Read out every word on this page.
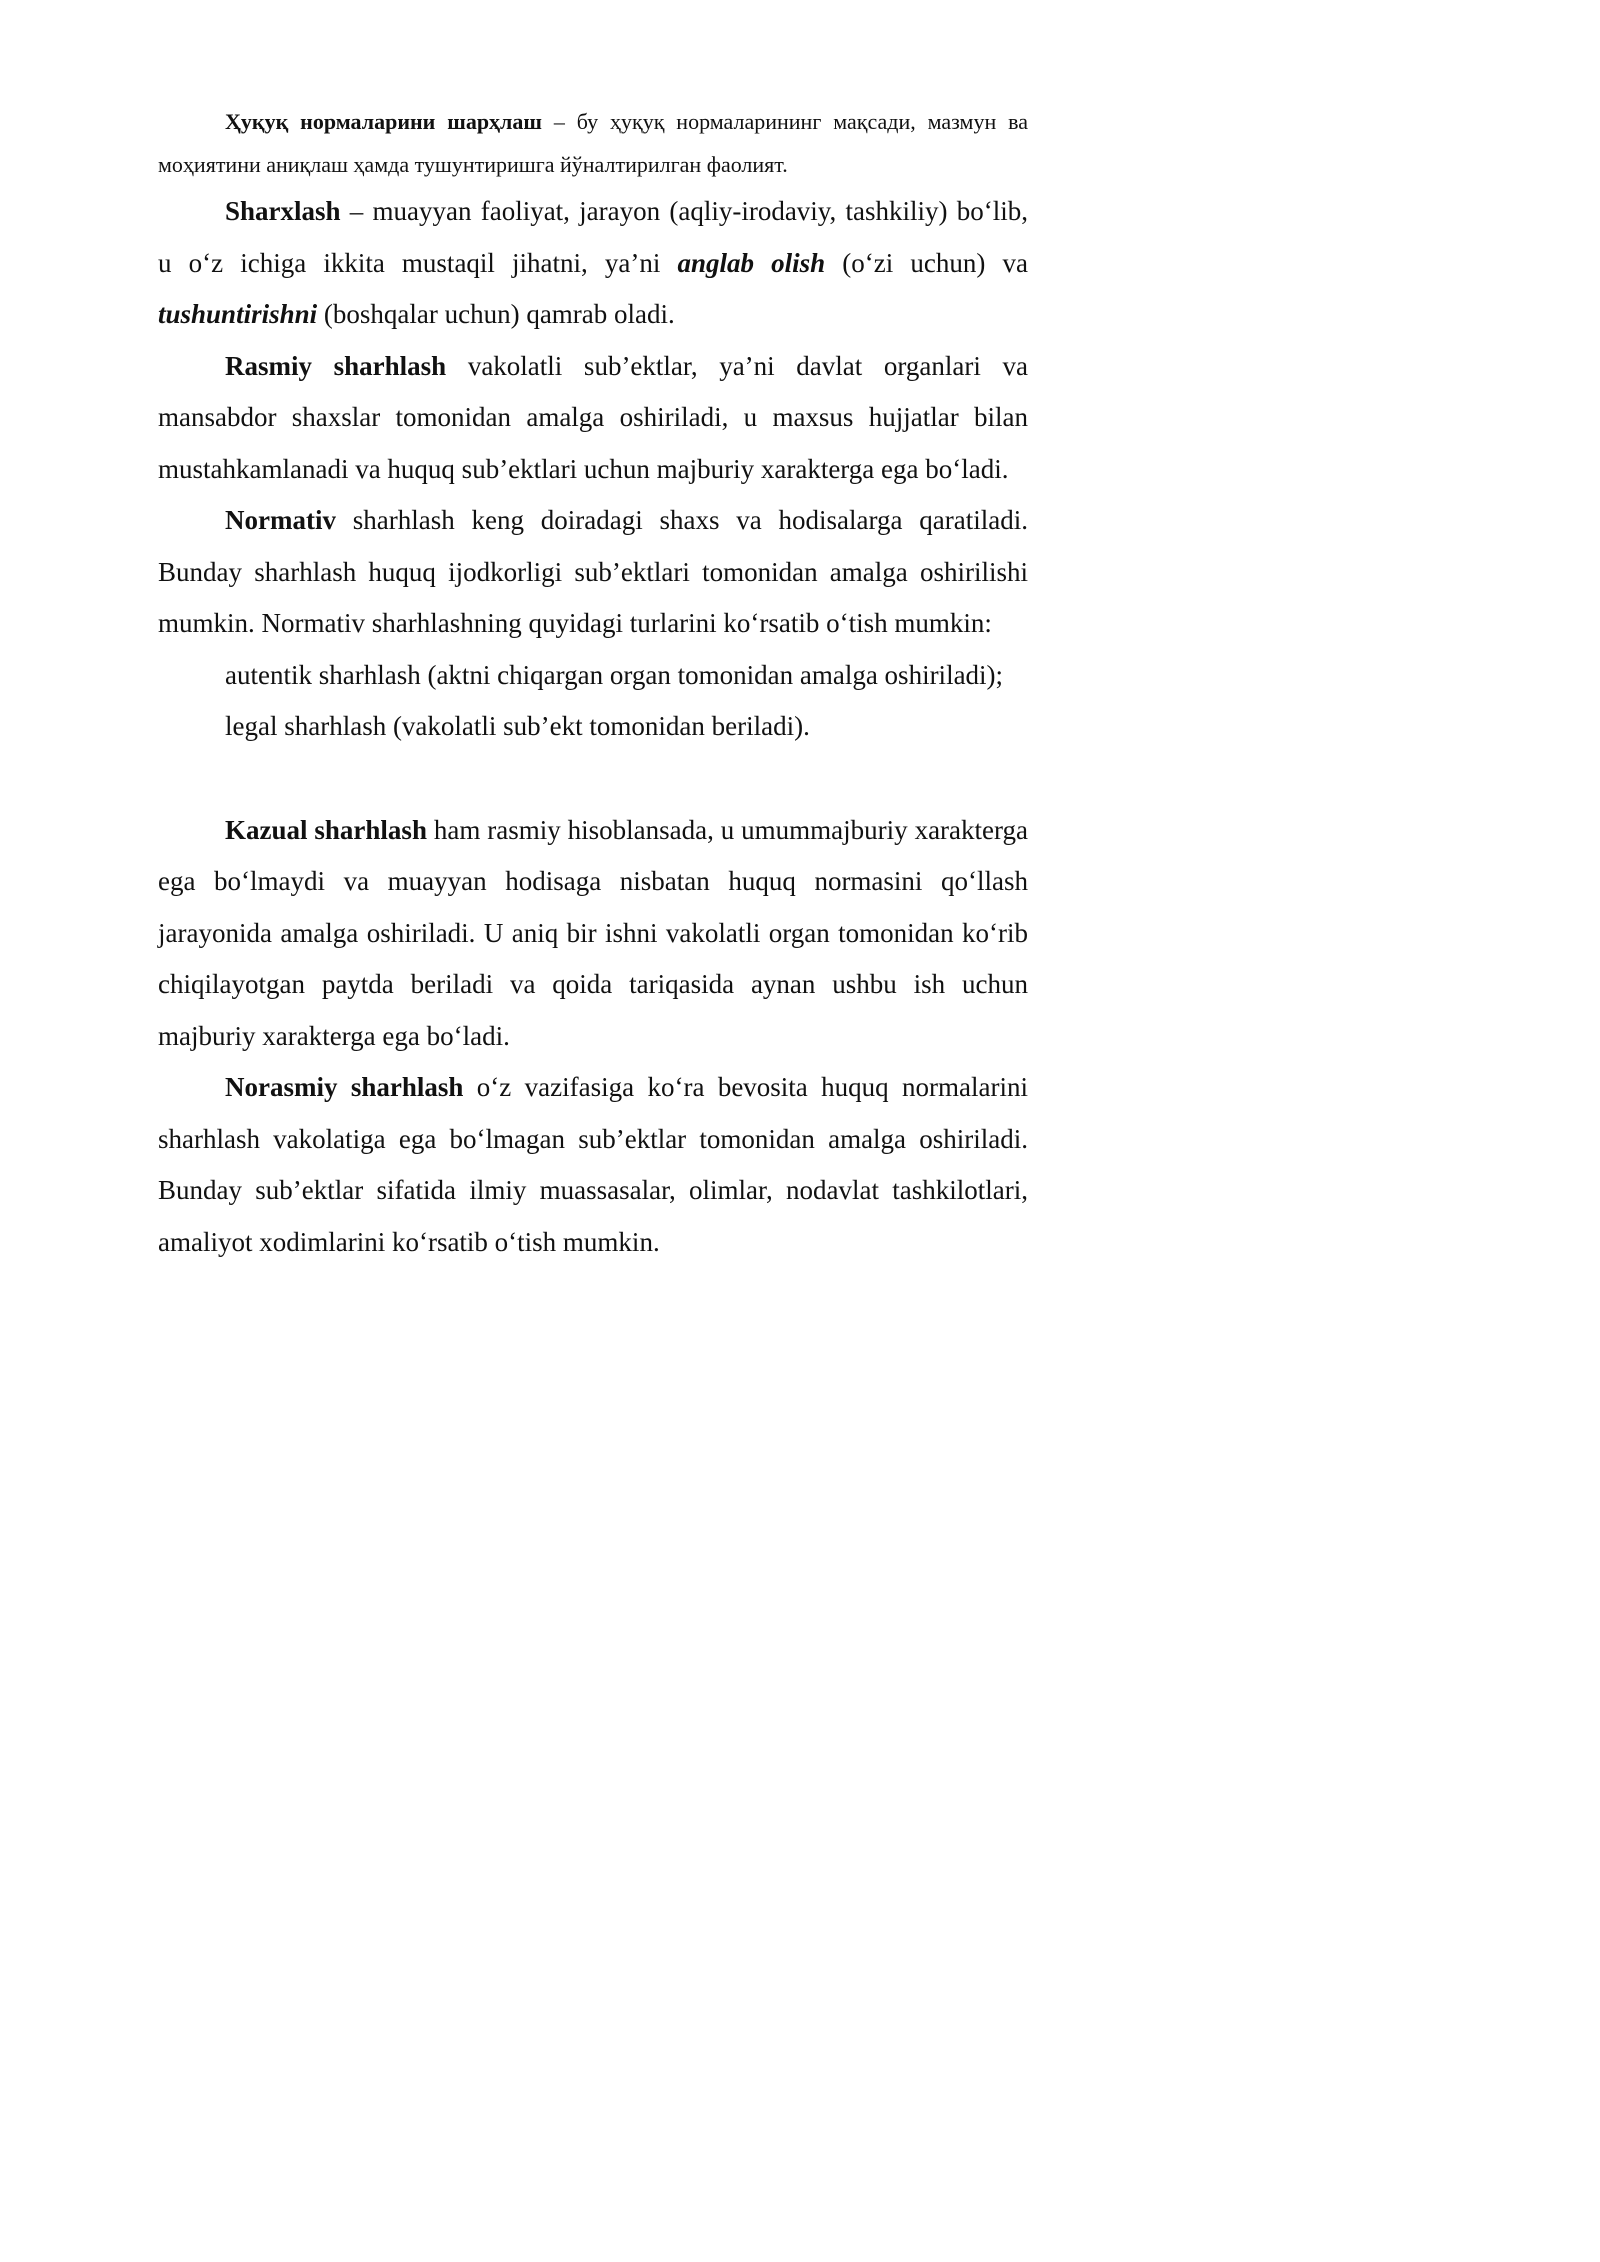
Ҳуқуқ нормаларини шарҳлаш – бу ҳуқуқ нормаларининг мақсади, мазмун ва моҳиятини аниқлаш ҳамда тушунтиришга йўналтирилган фаолият.

Sharxlash – muayyan faoliyat, jarayon (aqliy-irodaviy, tashkiliy) bo‘lib, u o‘z ichiga ikkita mustaqil jihatni, ya’ni anglab olish (o‘zi uchun) va tushuntirishni (boshqalar uchun) qamrab oladi.

Rasmiy sharhlash vakolatli sub’ektlar, ya’ni davlat organlari va mansabdor shaxslar tomonidan amalga oshiriladi, u maxsus hujjatlar bilan mustahkamlanadi va huquq sub’ektlari uchun majburiy xarakterga ega bo‘ladi.

Normativ sharhlash keng doiradagi shaxs va hodisalarga qaratiladi. Bunday sharhlash huquq ijodkorligi sub’ektlari tomonidan amalga oshirilishi mumkin. Normativ sharhlashning quyidagi turlarini ko‘rsatib o‘tish mumkin:

autentik sharhlash (aktni chiqargan organ tomonidan amalga oshiriladi);

legal sharhlash (vakolatli sub’ekt tomonidan beriladi).

Kazual sharhlash ham rasmiy hisoblansada, u umummajburiy xarakterga ega bo‘lmaydi va muayyan hodisaga nisbatan huquq normasini qo‘llash jarayonida amalga oshiriladi. U aniq bir ishni vakolatli organ tomonidan ko‘rib chiqilayotgan paytda beriladi va qoida tariqasida aynan ushbu ish uchun majburiy xarakterga ega bo‘ladi.

Norasmiy sharhlash o‘z vazifasiga ko‘ra bevosita huquq normalarini sharhlash vakolatiga ega bo‘lmagan sub’ektlar tomonidan amalga oshiriladi. Bunday sub’ektlar sifatida ilmiy muassasalar, olimlar, nodavlat tashkilotlari, amaliyot xodimlarini ko‘rsatib o‘tish mumkin.
